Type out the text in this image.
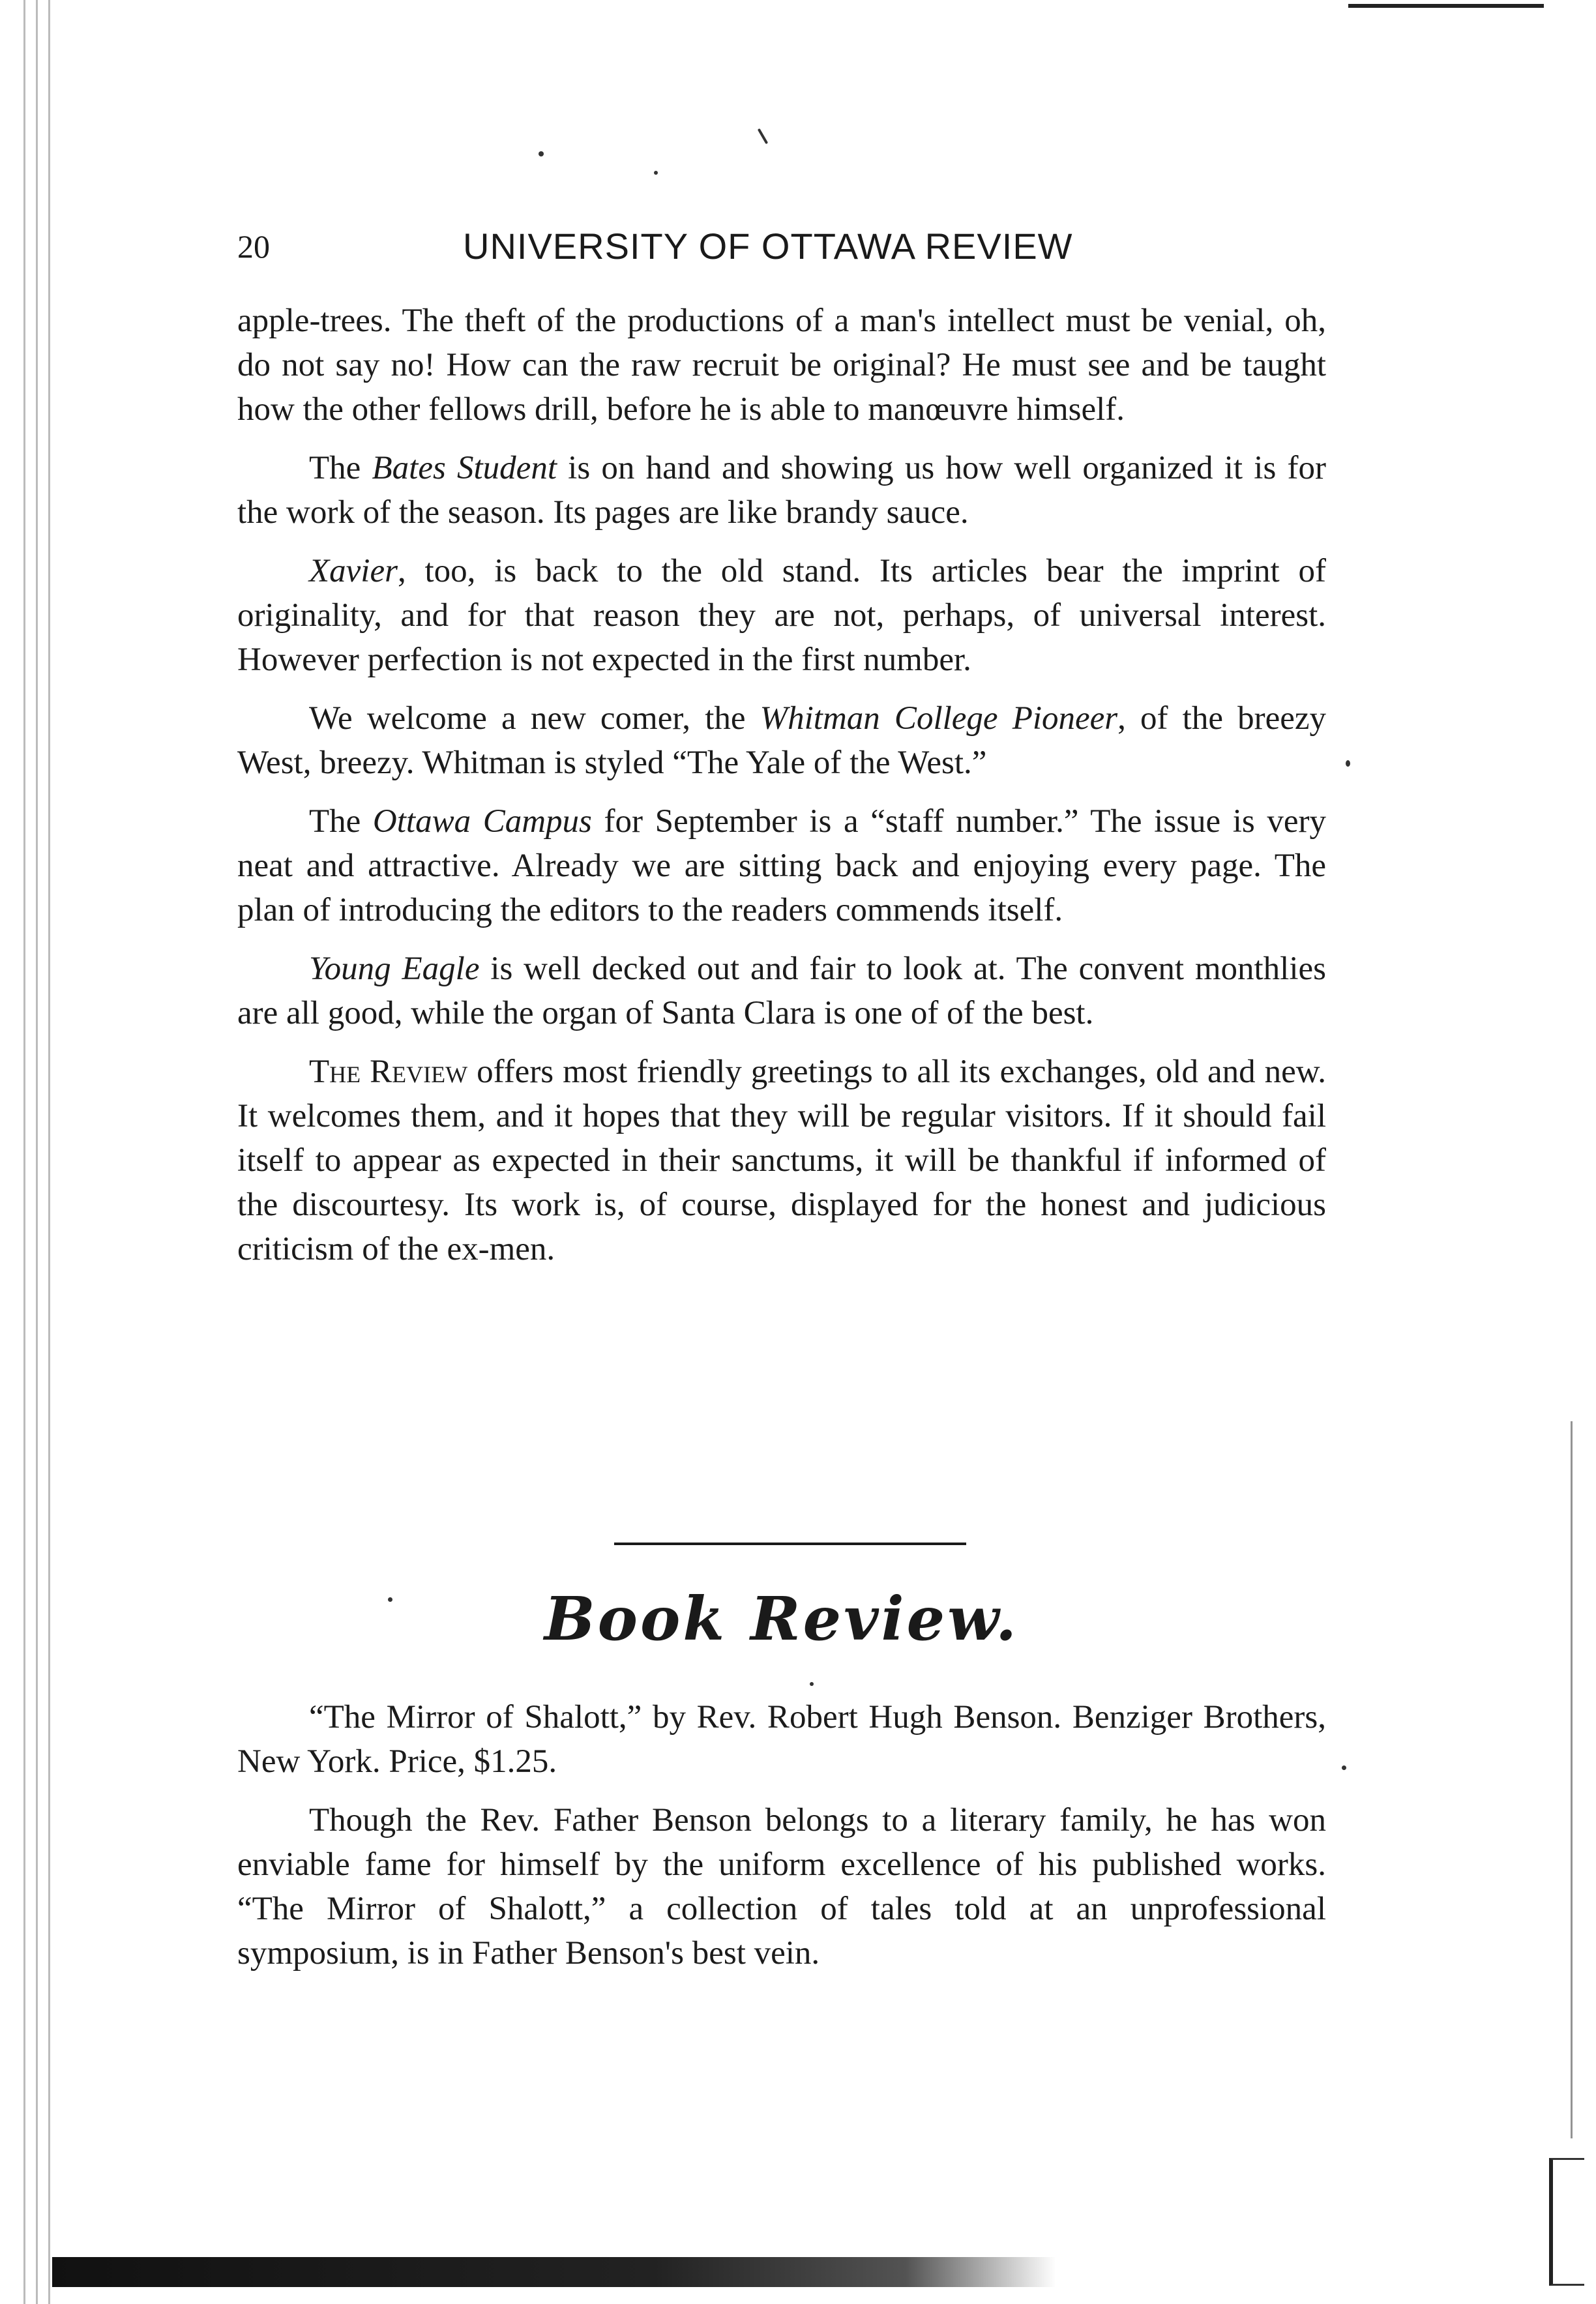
20	UNIVERSITY OF OTTAWA REVIEW

apple-trees. The theft of the productions of a man's intellect must be venial, oh, do not say no! How can the raw recruit be original? He must see and be taught how the other fellows drill, before he is able to manœuvre himself.

The Bates Student is on hand and showing us how well organized it is for the work of the season. Its pages are like brandy sauce.

Xavier, too, is back to the old stand. Its articles bear the imprint of originality, and for that reason they are not, perhaps, of universal interest. However perfection is not expected in the first number.

We welcome a new comer, the Whitman College Pioneer, of the breezy West, breezy. Whitman is styled “The Yale of the West.”

The Ottawa Campus for September is a “staff number.” The issue is very neat and attractive. Already we are sitting back and enjoying every page. The plan of introducing the editors to the readers commends itself.

Young Eagle is well decked out and fair to look at. The convent monthlies are all good, while the organ of Santa Clara is one of of the best.

The Review offers most friendly greetings to all its exchanges, old and new. It welcomes them, and it hopes that they will be regular visitors. If it should fail itself to appear as expected in their sanctums, it will be thankful if informed of the discourtesy. Its work is, of course, displayed for the honest and judicious criticism of the ex-men.

Book Review.

“The Mirror of Shalott,” by Rev. Robert Hugh Benson. Benziger Brothers, New York. Price, $1.25.

Though the Rev. Father Benson belongs to a literary family, he has won enviable fame for himself by the uniform excellence of his published works. “The Mirror of Shalott,” a collection of tales told at an unprofessional symposium, is in Father Benson's best vein.
